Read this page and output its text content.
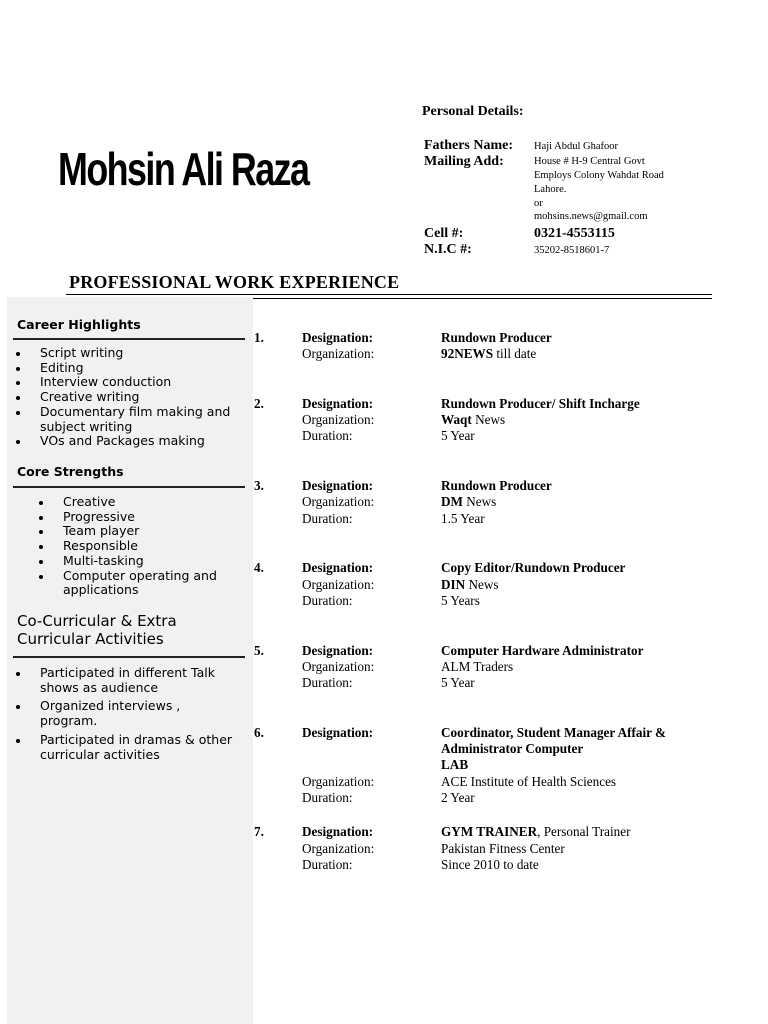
Mohsin Ali Raza
Personal Details:
Fathers Name: Haji Abdul Ghafoor
Mailing Add:	House # H-9 Central Govt
Employs Colony Wahdat Road
Lahore.
or
mohsins.news@gmail.com
Cell #:	0321-4553115
N.I.C #:	35202-8518601-7
PROFESSIONAL WORK EXPERIENCE
Career Highlights
Script writing
Editing
Interview conduction
Creative writing
Documentary film making and subject writing
VOs and Packages making
Core Strengths
Creative
Progressive
Team player
Responsible
Multi-tasking
Computer operating and applications
Co-Curricular & Extra Curricular Activities
Participated in different Talk shows as audience
Organized interviews , program.
Participated in dramas & other curricular activities
1.	Designation:	Rundown Producer
Organization:	92NEWS till date
2.	Designation:	Rundown Producer/ Shift Incharge
Organization:	Waqt News
Duration:	5 Year
3.	Designation:	Rundown Producer
Organization:	DM News
Duration:	1.5 Year
4.	Designation:	Copy Editor/Rundown Producer
Organization:	DIN News
Duration:	5 Years
5.	Designation:	Computer Hardware Administrator
Organization:	ALM Traders
Duration:	5 Year
6.	Designation:	Coordinator, Student Manager Affair &
Administrator Computer
LAB
Organization:	ACE Institute of Health Sciences
Duration:	2 Year
7.	Designation:	GYM TRAINER, Personal Trainer
Organization:	Pakistan Fitness Center
Duration:	Since 2010 to date
